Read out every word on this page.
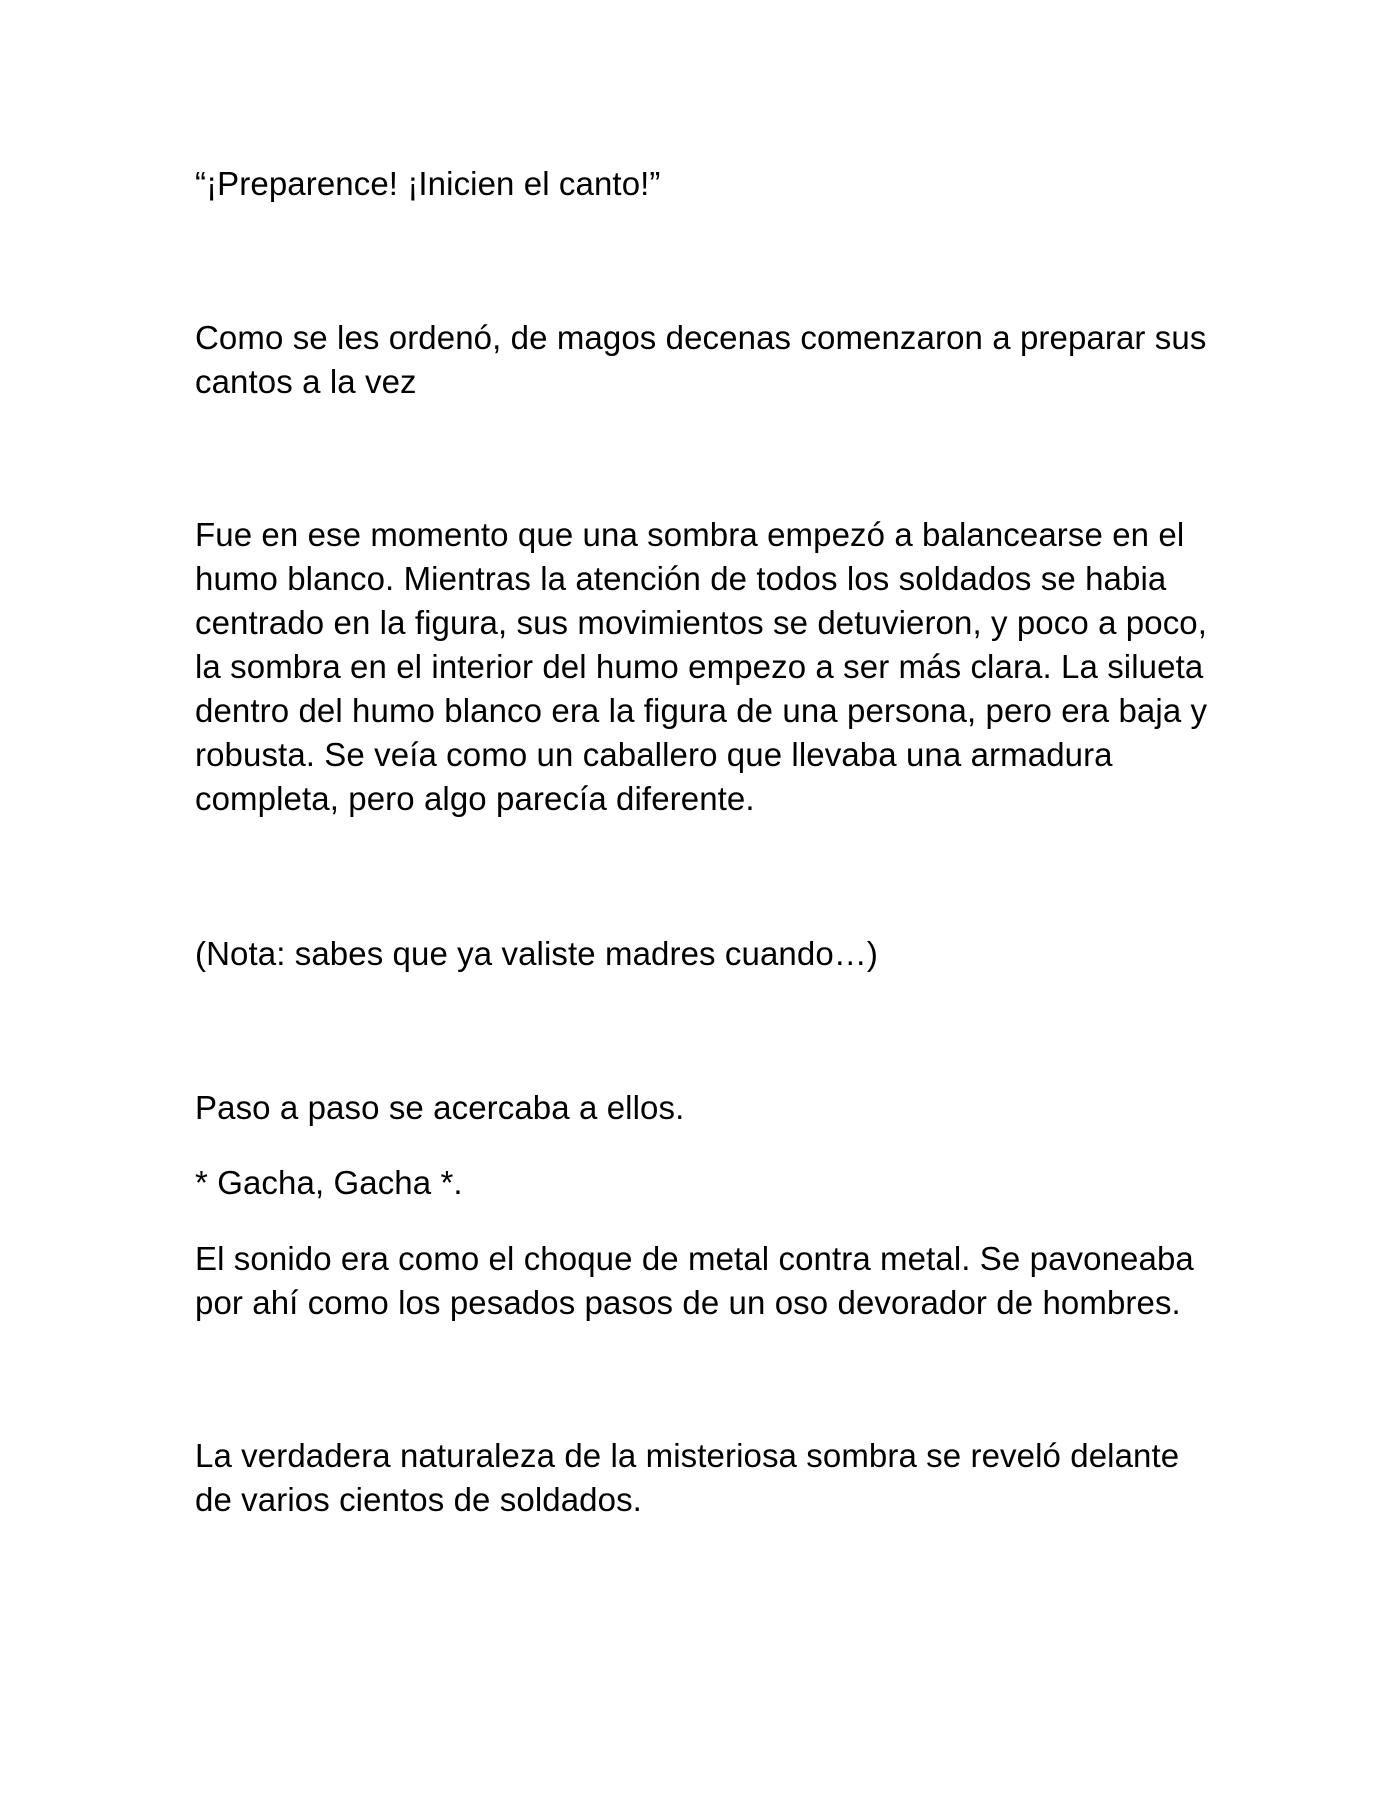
“¡Preparence! ¡Inicien el canto!”

Como se les ordenó, de magos decenas comenzaron a preparar sus cantos a la vez

Fue en ese momento que una sombra empezó a balancearse en el humo blanco. Mientras la atención de todos los soldados se habia centrado en la figura, sus movimientos se detuvieron, y poco a poco, la sombra en el interior del humo empezo a ser más clara. La silueta dentro del humo blanco era la figura de una persona, pero era baja y robusta. Se veía como un caballero que llevaba una armadura completa, pero algo parecía diferente.

(Nota: sabes que ya valiste madres cuando…)

Paso a paso se acercaba a ellos.

* Gacha, Gacha *.

El sonido era como el choque de metal contra metal. Se pavoneaba por ahí como los pesados pasos de un oso devorador de hombres.

La verdadera naturaleza de la misteriosa sombra se reveló delante de varios cientos de soldados.
